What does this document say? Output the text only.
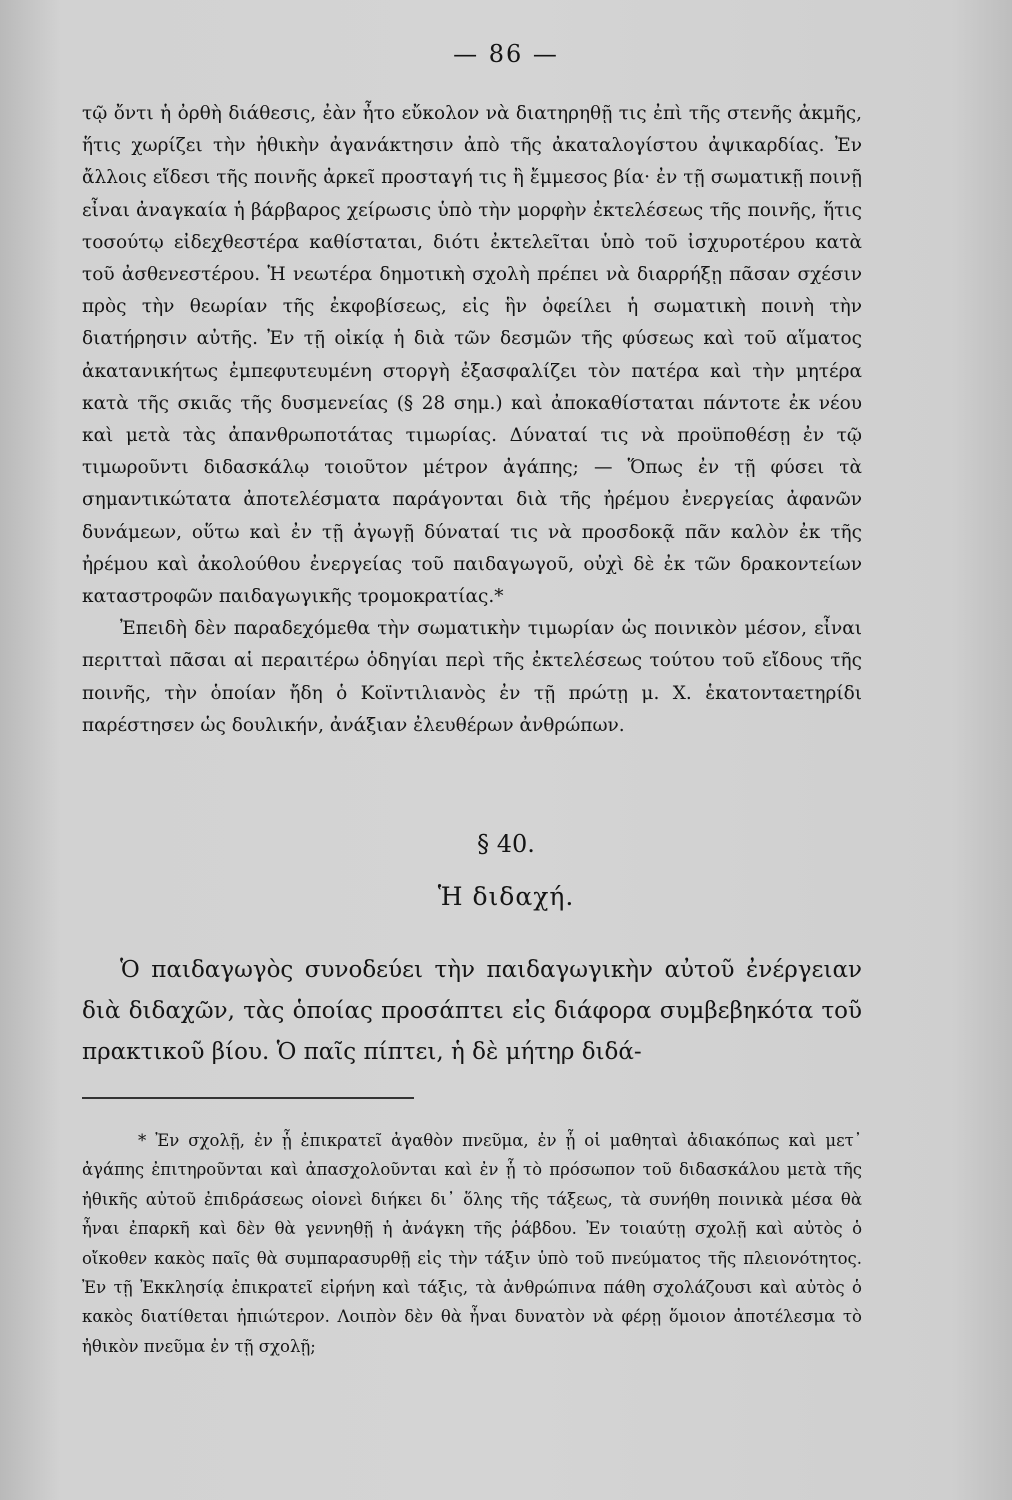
— 86 —

τῷ ὄντι ἡ ὀρθὴ διάθεσις, ἐὰν ἦτο εὔκολον νὰ διατηρηθῇ τις ἐπὶ τῆς στενῆς ἀκμῆς, ἥτις χωρίζει τὴν ἠθικὴν ἀγανάκτησιν ἀπὸ τῆς ἀκαταλογίστου ἀψικαρδίας. Ἐν ἄλλοις εἴδεσι τῆς ποινῆς ἀρκεῖ προσταγή τις ἢ ἔμμεσος βία· ἐν τῇ σωματικῇ ποινῇ εἶναι ἀναγκαία ἡ βάρβαρος χείρωσις ὑπὸ τὴν μορφὴν ἐκτελέσεως τῆς ποινῆς, ἥτις τοσούτῳ εἰδεχθεστέρα καθίσταται, διότι ἐκτελεῖται ὑπὸ τοῦ ἰσχυροτέρου κατὰ τοῦ ἀσθενεστέρου. Ἡ νεωτέρα δημοτικὴ σχολὴ πρέπει νὰ διαρρήξῃ πᾶσαν σχέσιν πρὸς τὴν θεωρίαν τῆς ἐκφοβίσεως, εἰς ἣν ὀφείλει ἡ σωματικὴ ποινὴ τὴν διατήρησιν αὐτῆς. Ἐν τῇ οἰκίᾳ ἡ διὰ τῶν δεσμῶν τῆς φύσεως καὶ τοῦ αἵματος ἀκατανικήτως ἐμπεφυτευμένη στοργὴ ἐξασφαλίζει τὸν πατέρα καὶ τὴν μητέρα κατὰ τῆς σκιᾶς τῆς δυσμενείας (§ 28 σημ.) καὶ ἀποκαθίσταται πάντοτε ἐκ νέου καὶ μετὰ τὰς ἀπανθρωποτάτας τιμωρίας. Δύναταί τις νὰ προϋποθέσῃ ἐν τῷ τιμωροῦντι διδασκάλῳ τοιοῦτον μέτρον ἀγάπης; — Ὅπως ἐν τῇ φύσει τὰ σημαντικώτατα ἀποτελέσματα παράγονται διὰ τῆς ἠρέμου ἐνεργείας ἀφανῶν δυνάμεων, οὕτω καὶ ἐν τῇ ἀγωγῇ δύναταί τις νὰ προσδοκᾷ πᾶν καλὸν ἐκ τῆς ἠρέμου καὶ ἀκολούθου ἐνεργείας τοῦ παιδαγωγοῦ, οὐχὶ δὲ ἐκ τῶν δρακοντείων καταστροφῶν παιδαγωγικῆς τρομοκρατίας.*

Ἐπειδὴ δὲν παραδεχόμεθα τὴν σωματικὴν τιμωρίαν ὡς ποινικὸν μέσον, εἶναι περιτταὶ πᾶσαι αἱ περαιτέρω ὁδηγίαι περὶ τῆς ἐκτελέσεως τούτου τοῦ εἴδους τῆς ποινῆς, τὴν ὁποίαν ἤδη ὁ Κοϊντιλιανὸς ἐν τῇ πρώτῃ μ. Χ. ἑκατονταετηρίδι παρέστησεν ὡς δουλικήν, ἀνάξιαν ἐλευθέρων ἀνθρώπων.

§ 40.
Ἡ διδαχή.

Ὁ παιδαγωγὸς συνοδεύει τὴν παιδαγωγικὴν αὐτοῦ ἐνέργειαν διὰ διδαχῶν, τὰς ὁποίας προσάπτει εἰς διάφορα συμβεβηκότα τοῦ πρακτικοῦ βίου. Ὁ παῖς πίπτει, ἡ δὲ μήτηρ διδά-

* Ἐν σχολῇ, ἐν ᾗ ἐπικρατεῖ ἀγαθὸν πνεῦμα, ἐν ᾗ οἱ μαθηταὶ ἀδιακόπως καὶ μετ᾽ ἀγάπης ἐπιτηροῦνται καὶ ἀπασχολοῦνται καὶ ἐν ᾗ τὸ πρόσωπον τοῦ διδασκάλου μετὰ τῆς ἠθικῆς αὐτοῦ ἐπιδράσεως οἱονεὶ διήκει δι᾽ ὅλης τῆς τάξεως, τὰ συνήθη ποινικὰ μέσα θὰ ἦναι ἐπαρκῆ καὶ δὲν θὰ γεννηθῇ ἡ ἀνάγκη τῆς ῥάβδου. Ἐν τοιαύτῃ σχολῇ καὶ αὐτὸς ὁ οἴκοθεν κακὸς παῖς θὰ συμπαρασυρθῇ εἰς τὴν τάξιν ὑπὸ τοῦ πνεύματος τῆς πλειονότητος. Ἐν τῇ Ἐκκλησίᾳ ἐπικρατεῖ εἰρήνη καὶ τάξις, τὰ ἀνθρώπινα πάθη σχολάζουσι καὶ αὐτὸς ὁ κακὸς διατίθεται ἠπιώτερον. Λοιπὸν δὲν θὰ ἦναι δυνατὸν νὰ φέρῃ ὅμοιον ἀποτέλεσμα τὸ ἠθικὸν πνεῦμα ἐν τῇ σχολῇ;
